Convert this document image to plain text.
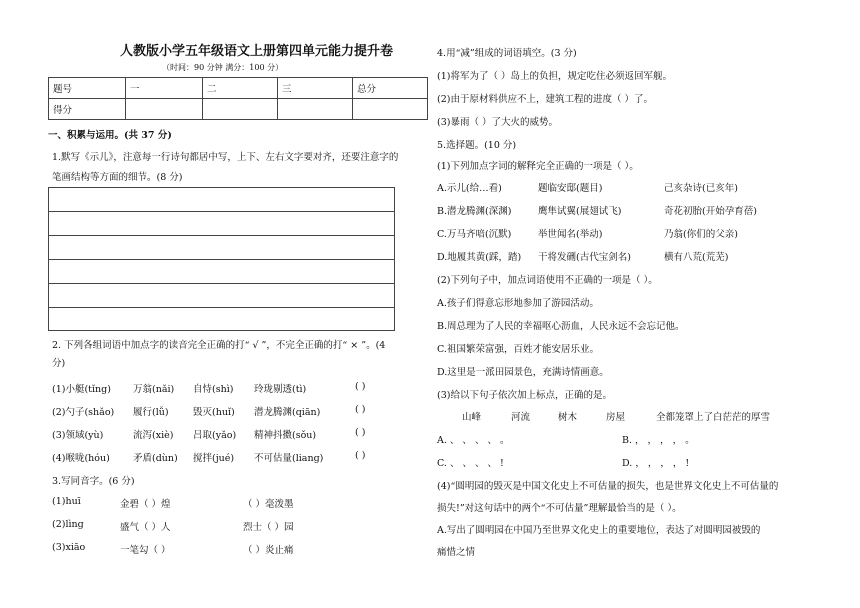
人教版小学五年级语文上册第四单元能力提升卷
（时间：90 分钟 满分：100 分）
题号	一	二	三	总分
得分				
一、积累与运用。(共 37 分)
1.默写《示儿》，注意每一行诗句都居中写，上下、左右文字要对齐，还要注意字的
笔画结构等方面的细节。(8 分)
2. 下列各组词语中加点字的读音完全正确的打“ √ ”，不完全正确的打“ × ”。(4
分)
(1)小艇(tǐng) 万翁(nǎi) 自恃(shì) 玲珑剔透(tì)	( )
(2)勺子(shǎo) 履行(lǚ)	毁灭(huǐ) 潜龙腾渊(qiān)	( )
(3)领域(yù)	流泻(xiè) 吕取(yǎo) 精神抖擞(sǒu)	( )
(4)喉咙(hóu) 矛盾(dùn) 搅拌(jué) 不可估量(liang)	( )
3.写同音字。(6 分)
(1)huī	金碧（ ）煌	（ ）毫泼墨
(2)lìng	盛气（ ）人	烈士（ ）园
(3)xiāo	一笔勾（ ）	（ ）炎止痛
4.用“减”组成的词语填空。(3 分)
(1)将军为了（ ）岛上的负担，规定吃住必须返回军舰。
(2)由于原材料供应不上，建筑工程的进度（ ）了。
(3)暴雨（ ）了大火的威势。
5.选择题。(10 分)
(1)下列加点字词的解释完全正确的一项是（ ）。
A.示儿(给…看)	题临安邸(题目)	己亥杂诗(已亥年)
B.潜龙腾渊(深渊)	鹰隼试翼(展翅试飞)	奇花初胎(开始孕育蓓)
C.万马齐喑(沉默)	举世闻名(举动)	乃翁(你们的父亲)
D.地履其黄(踩，踏) 干将发硎(古代宝剑名)	横有八荒(荒芜)
(2)下列句子中，加点词语使用不正确的一项是（ ）。
A.孩子们得意忘形地参加了游园活动。
B.周总理为了人民的幸福呕心沥血，人民永远不会忘记他。
C.祖国繁荣富强，百姓才能安居乐业。
D.这里是一派田园景色，充满诗情画意。
(3)给以下句子依次加上标点，正确的是。
山峰	河流	树木	房屋	全都笼罩上了白茫茫的厚雪
A. 、 、 、 、 。	B. ， ， ， ， 。
C. 、 、 、 、 !	D. ， ， ， ， !
(4)“圆明园的毁灭是中国文化史上不可估量的损失，也是世界文化史上不可估量的
损失!”对这句话中的两个“不可估量”理解最恰当的是（ ）。
A.写出了圆明园在中国乃至世界文化史上的重要地位，表达了对圆明园被毁的
痛惜之情
